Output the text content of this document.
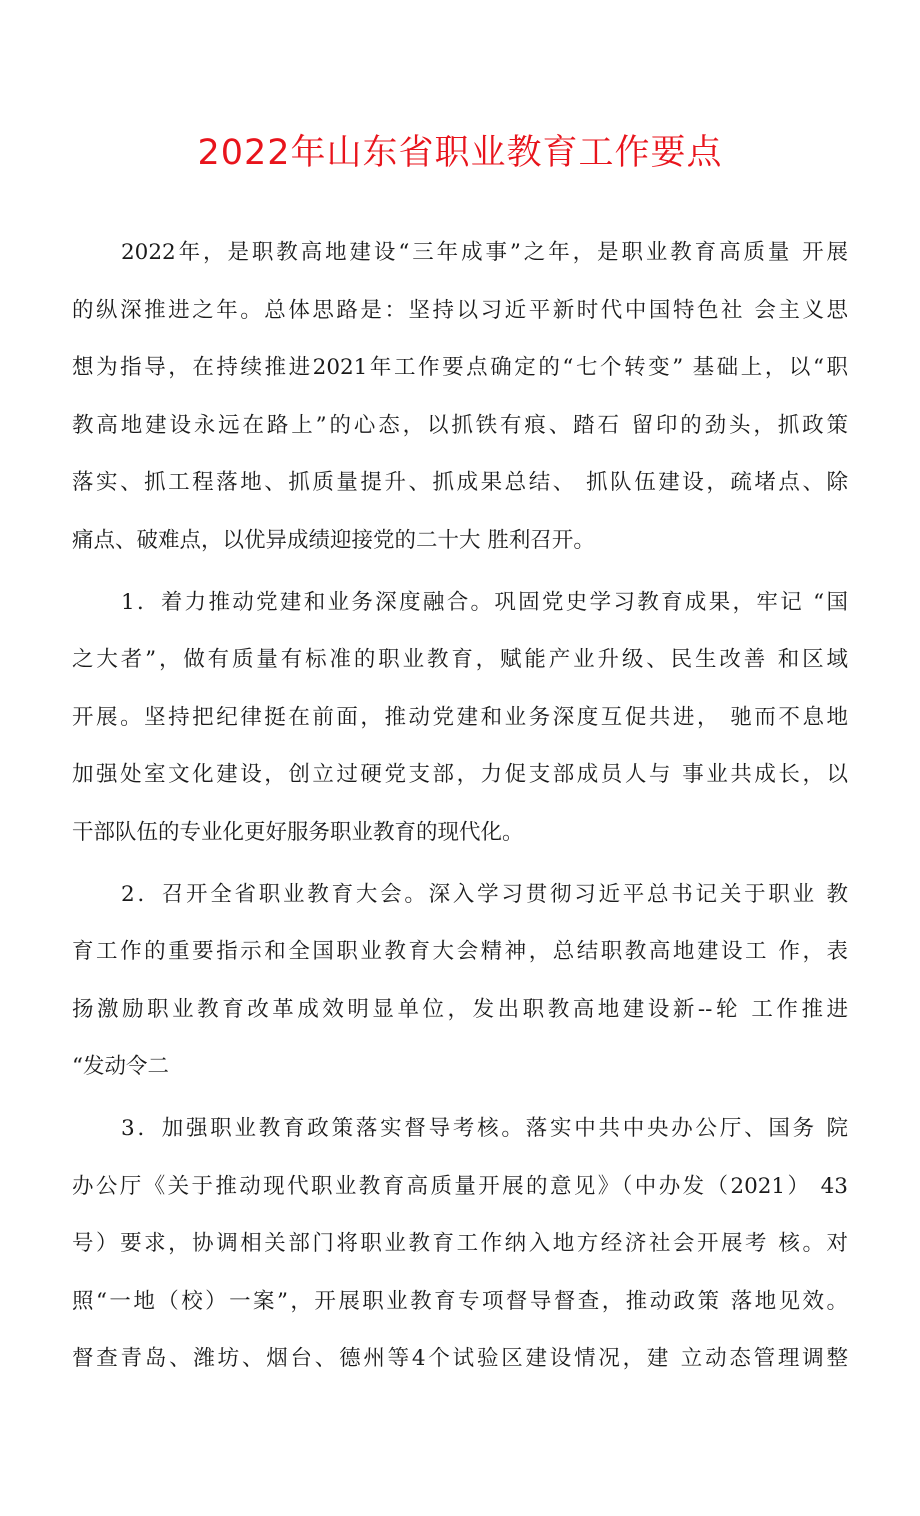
2022年山东省职业教育工作要点
2022年，是职教高地建设“三年成事”之年，是职业教育高质量 开展
的纵深推进之年。总体思路是：坚持以习近平新时代中国特色社 会主义思
想为指导，在持续推进2021年工作要点确定的“七个转变” 基础上，以“职
教高地建设永远在路上”的心态，以抓铁有痕、踏石 留印的劲头，抓政策
落实、抓工程落地、抓质量提升、抓成果总结、 抓队伍建设，疏堵点、除
痛点、破难点，以优异成绩迎接党的二十大 胜利召开。
1．着力推动党建和业务深度融合。巩固党史学习教育成果，牢记 “国
之大者”，做有质量有标准的职业教育，赋能产业升级、民生改善 和区域
开展。坚持把纪律挺在前面，推动党建和业务深度互促共进， 驰而不息地
加强处室文化建设，创立过硬党支部，力促支部成员人与 事业共成长，以
干部队伍的专业化更好服务职业教育的现代化。
2．召开全省职业教育大会。深入学习贯彻习近平总书记关于职业 教
育工作的重要指示和全国职业教育大会精神，总结职教高地建设工 作，表
扬激励职业教育改革成效明显单位，发出职教高地建设新--轮 工作推进
“发动令二
3．加强职业教育政策落实督导考核。落实中共中央办公厅、国务 院
办公厅《关于推动现代职业教育高质量开展的意见》（中办发（2021） 43
号）要求，协调相关部门将职业教育工作纳入地方经济社会开展考 核。对
照“一地（校）一案”，开展职业教育专项督导督查，推动政策 落地见效。
督查青岛、潍坊、烟台、德州等4个试验区建设情况，建 立动态管理调整
